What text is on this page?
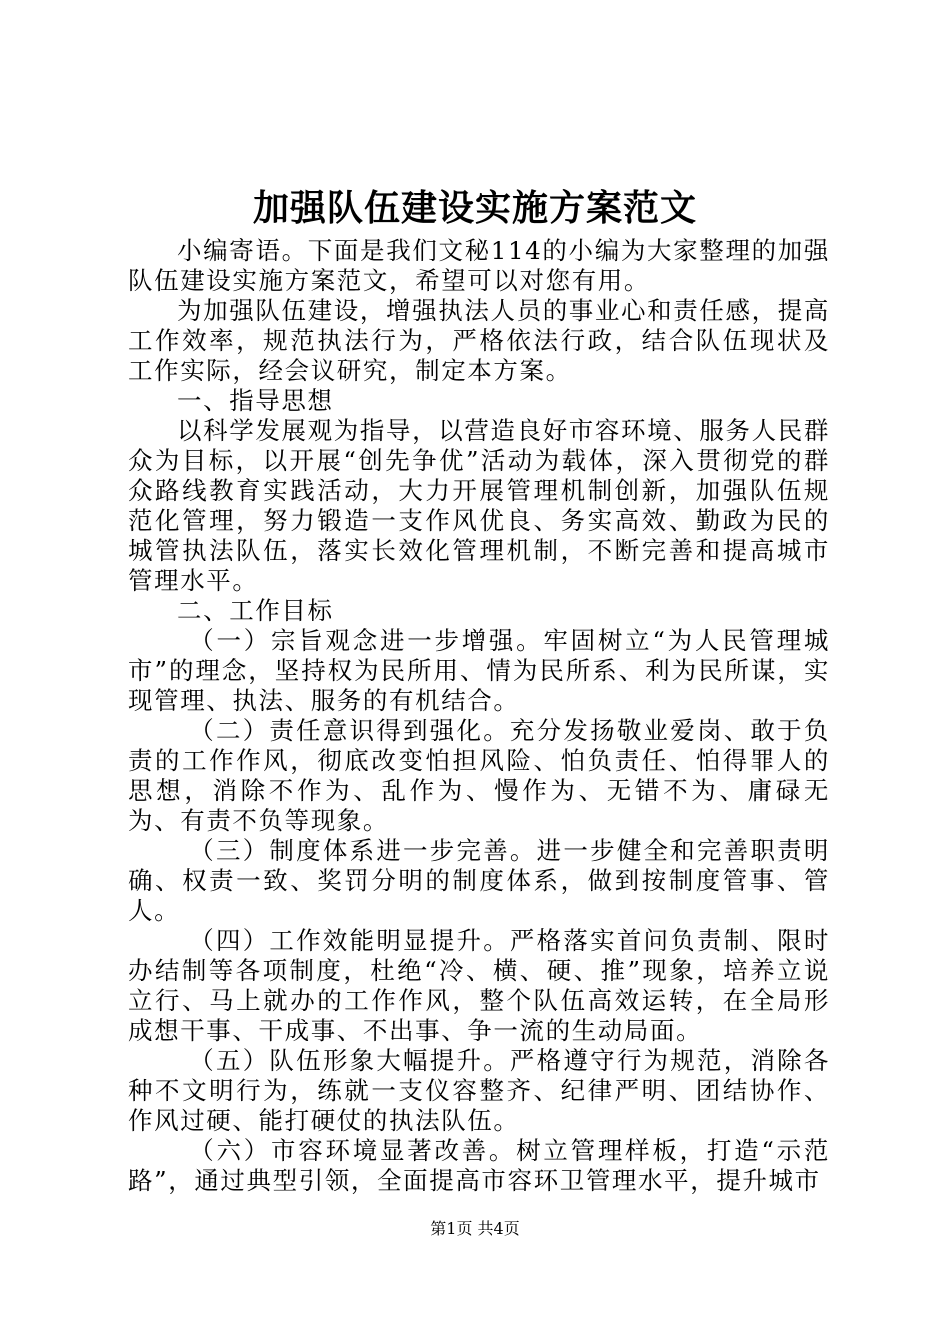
加强队伍建设实施方案范文

小编寄语。下面是我们文秘114的小编为大家整理的加强队伍建设实施方案范文，希望可以对您有用。

为加强队伍建设，增强执法人员的事业心和责任感，提高工作效率，规范执法行为，严格依法行政，结合队伍现状及工作实际，经会议研究，制定本方案。

一、指导思想

以科学发展观为指导，以营造良好市容环境、服务人民群众为目标，以开展“创先争优”活动为载体，深入贯彻党的群众路线教育实践活动，大力开展管理机制创新，加强队伍规范化管理，努力锻造一支作风优良、务实高效、勤政为民的城管执法队伍，落实长效化管理机制，不断完善和提高城市管理水平。

二、工作目标

（一）宗旨观念进一步增强。牢固树立“为人民管理城市”的理念，坚持权为民所用、情为民所系、利为民所谋，实现管理、执法、服务的有机结合。

（二）责任意识得到强化。充分发扬敬业爱岗、敢于负责的工作作风，彻底改变怕担风险、怕负责任、怕得罪人的思想，消除不作为、乱作为、慢作为、无错不为、庸碌无为、有责不负等现象。

（三）制度体系进一步完善。进一步健全和完善职责明确、权责一致、奖罚分明的制度体系，做到按制度管事、管人。

（四）工作效能明显提升。严格落实首问负责制、限时办结制等各项制度，杜绝“冷、横、硬、推”现象，培养立说立行、马上就办的工作作风，整个队伍高效运转，在全局形成想干事、干成事、不出事、争一流的生动局面。

（五）队伍形象大幅提升。严格遵守行为规范，消除各种不文明行为，练就一支仪容整齐、纪律严明、团结协作、作风过硬、能打硬仗的执法队伍。

（六）市容环境显著改善。树立管理样板，打造“示范路”，通过典型引领，全面提高市容环卫管理水平，提升城市

第1页 共4页
